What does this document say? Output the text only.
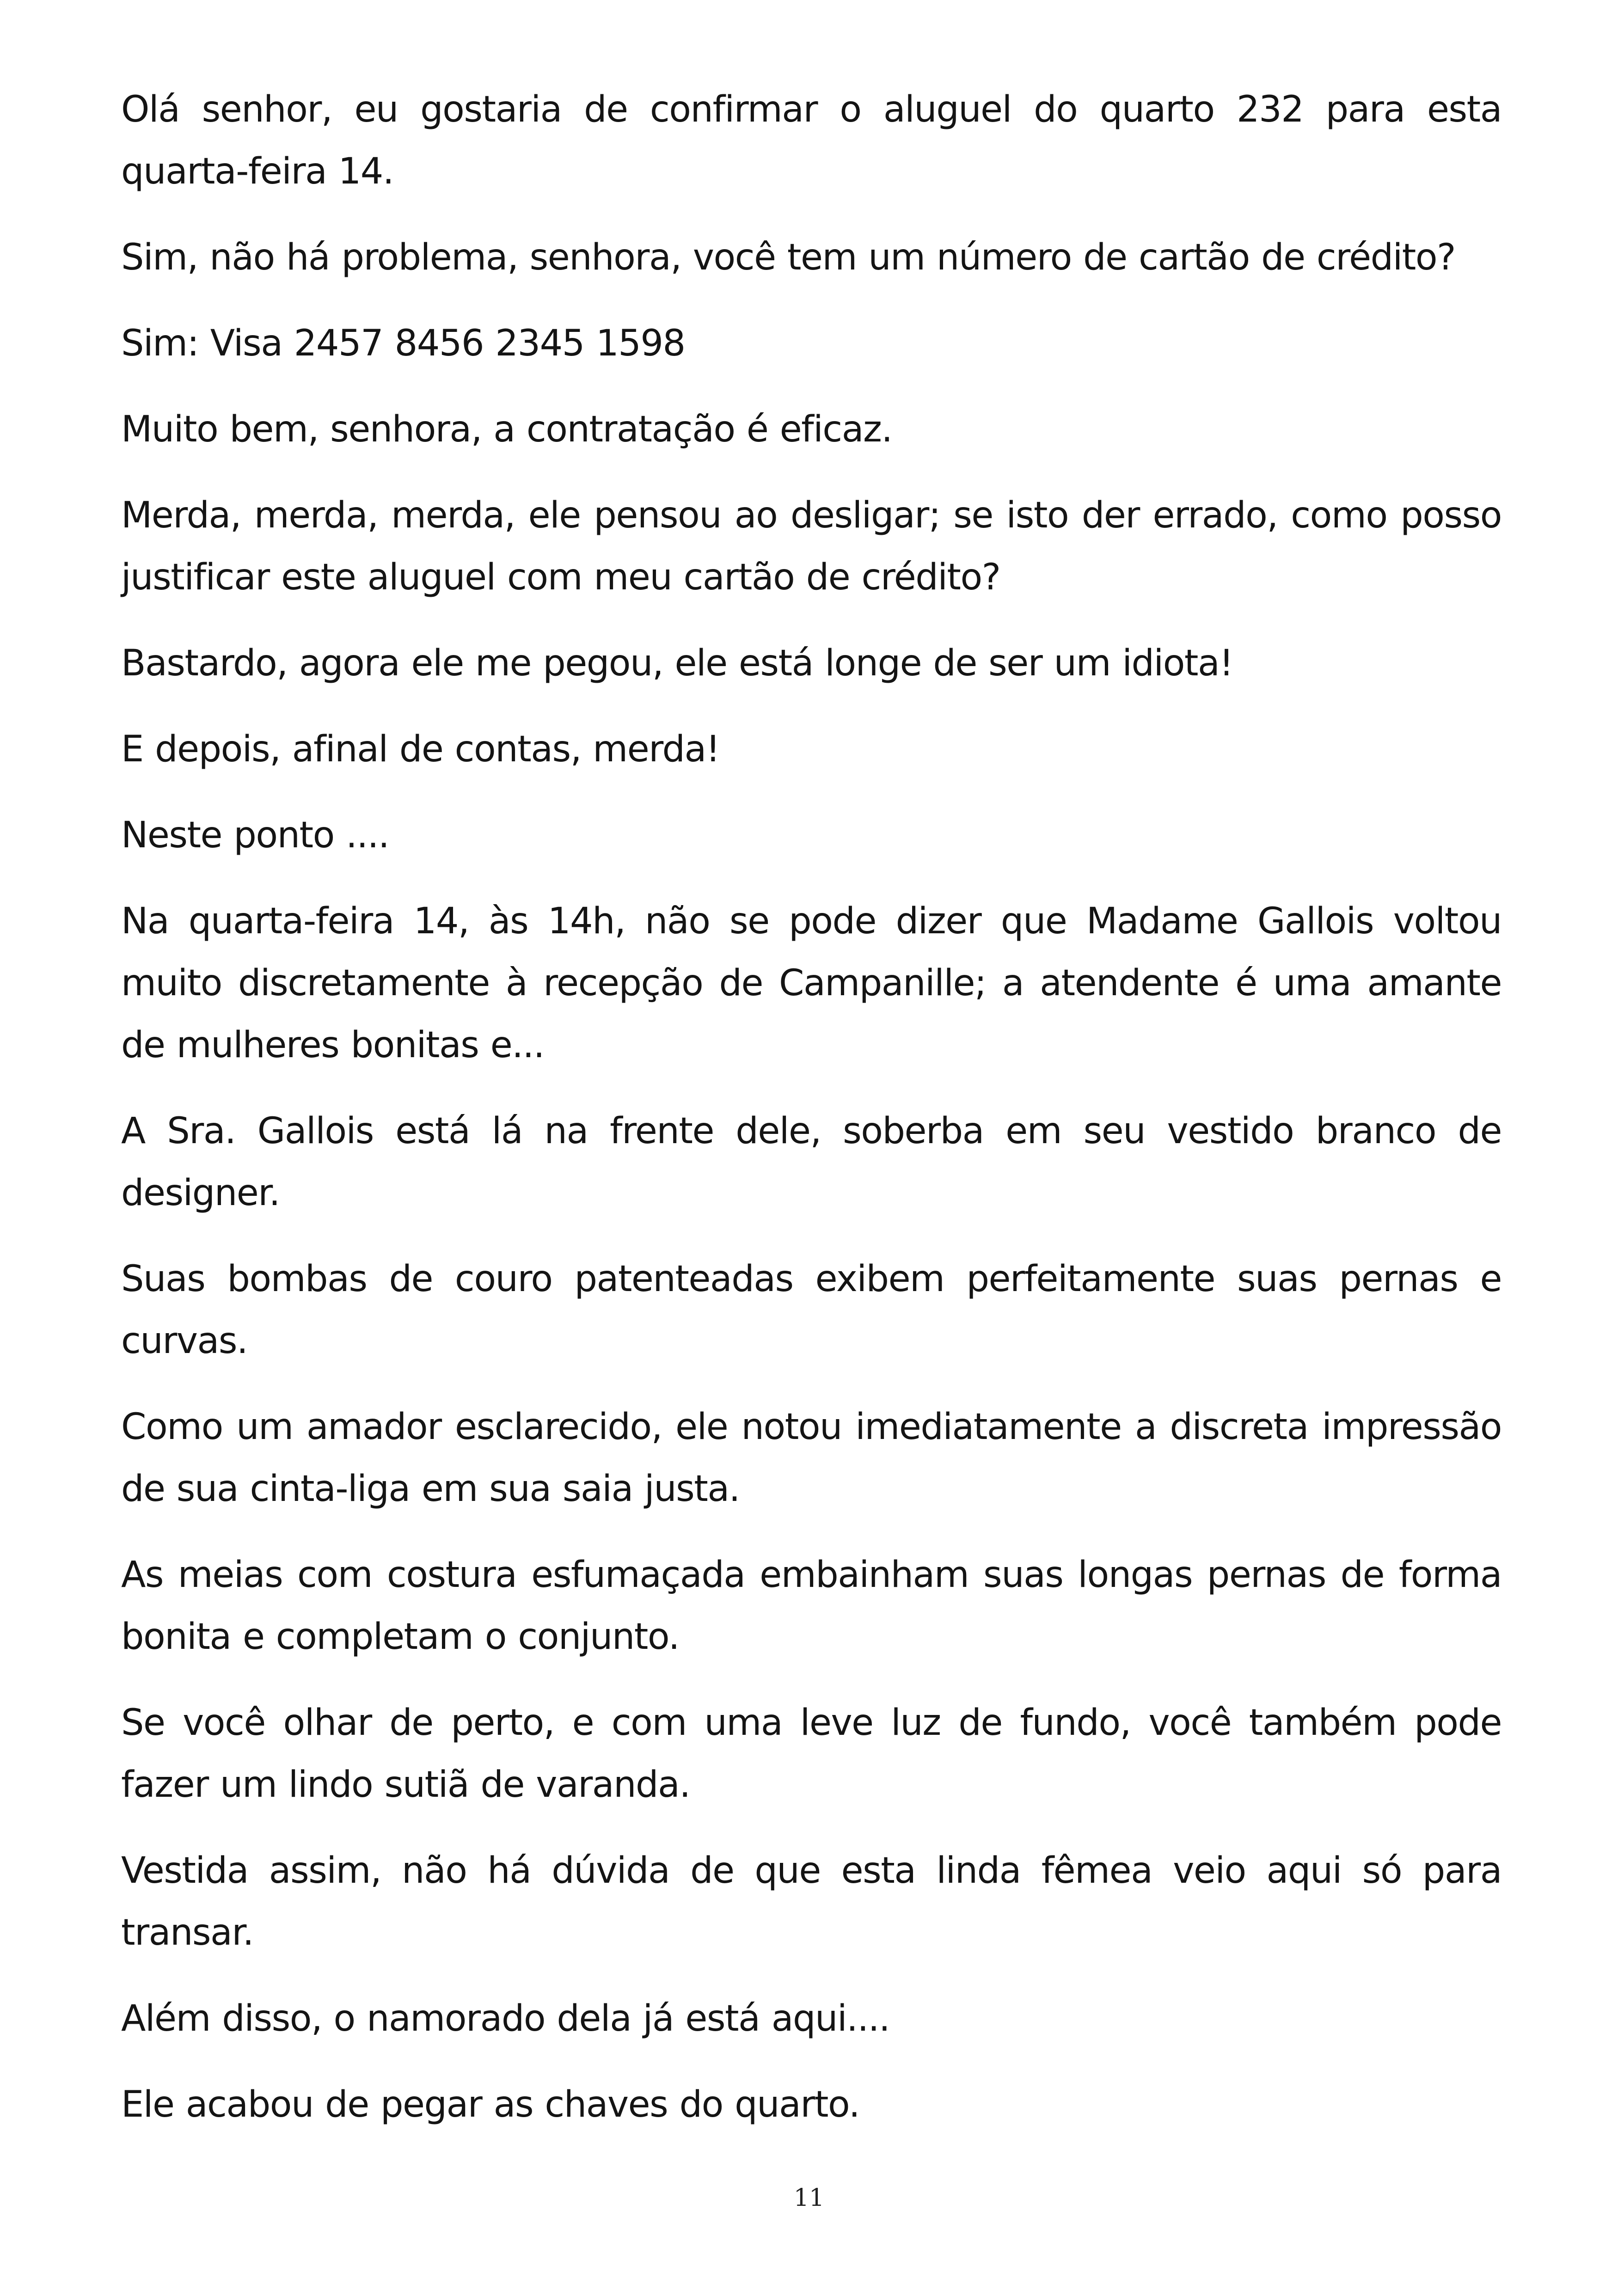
Olá senhor, eu gostaria de confirmar o aluguel do quarto 232 para esta quarta-feira 14.

Sim, não há problema, senhora, você tem um número de cartão de crédito?

Sim: Visa 2457 8456 2345 1598

Muito bem, senhora, a contratação é eficaz.

Merda, merda, merda, ele pensou ao desligar; se isto der errado, como posso justificar este aluguel com meu cartão de crédito?

Bastardo, agora ele me pegou, ele está longe de ser um idiota!

E depois, afinal de contas, merda!

Neste ponto ....

Na quarta-feira 14, às 14h, não se pode dizer que Madame Gallois voltou muito discretamente à recepção de Campanille; a atendente é uma amante de mulheres bonitas e...

A Sra. Gallois está lá na frente dele, soberba em seu vestido branco de designer.

Suas bombas de couro patenteadas exibem perfeitamente suas pernas e curvas.

Como um amador esclarecido, ele notou imediatamente a discreta impressão de sua cinta-liga em sua saia justa.

As meias com costura esfumaçada embainham suas longas pernas de forma bonita e completam o conjunto.

Se você olhar de perto, e com uma leve luz de fundo, você também pode fazer um lindo sutiã de varanda.

Vestida assim, não há dúvida de que esta linda fêmea veio aqui só para transar.

Além disso, o namorado dela já está aqui....

Ele acabou de pegar as chaves do quarto.

11
